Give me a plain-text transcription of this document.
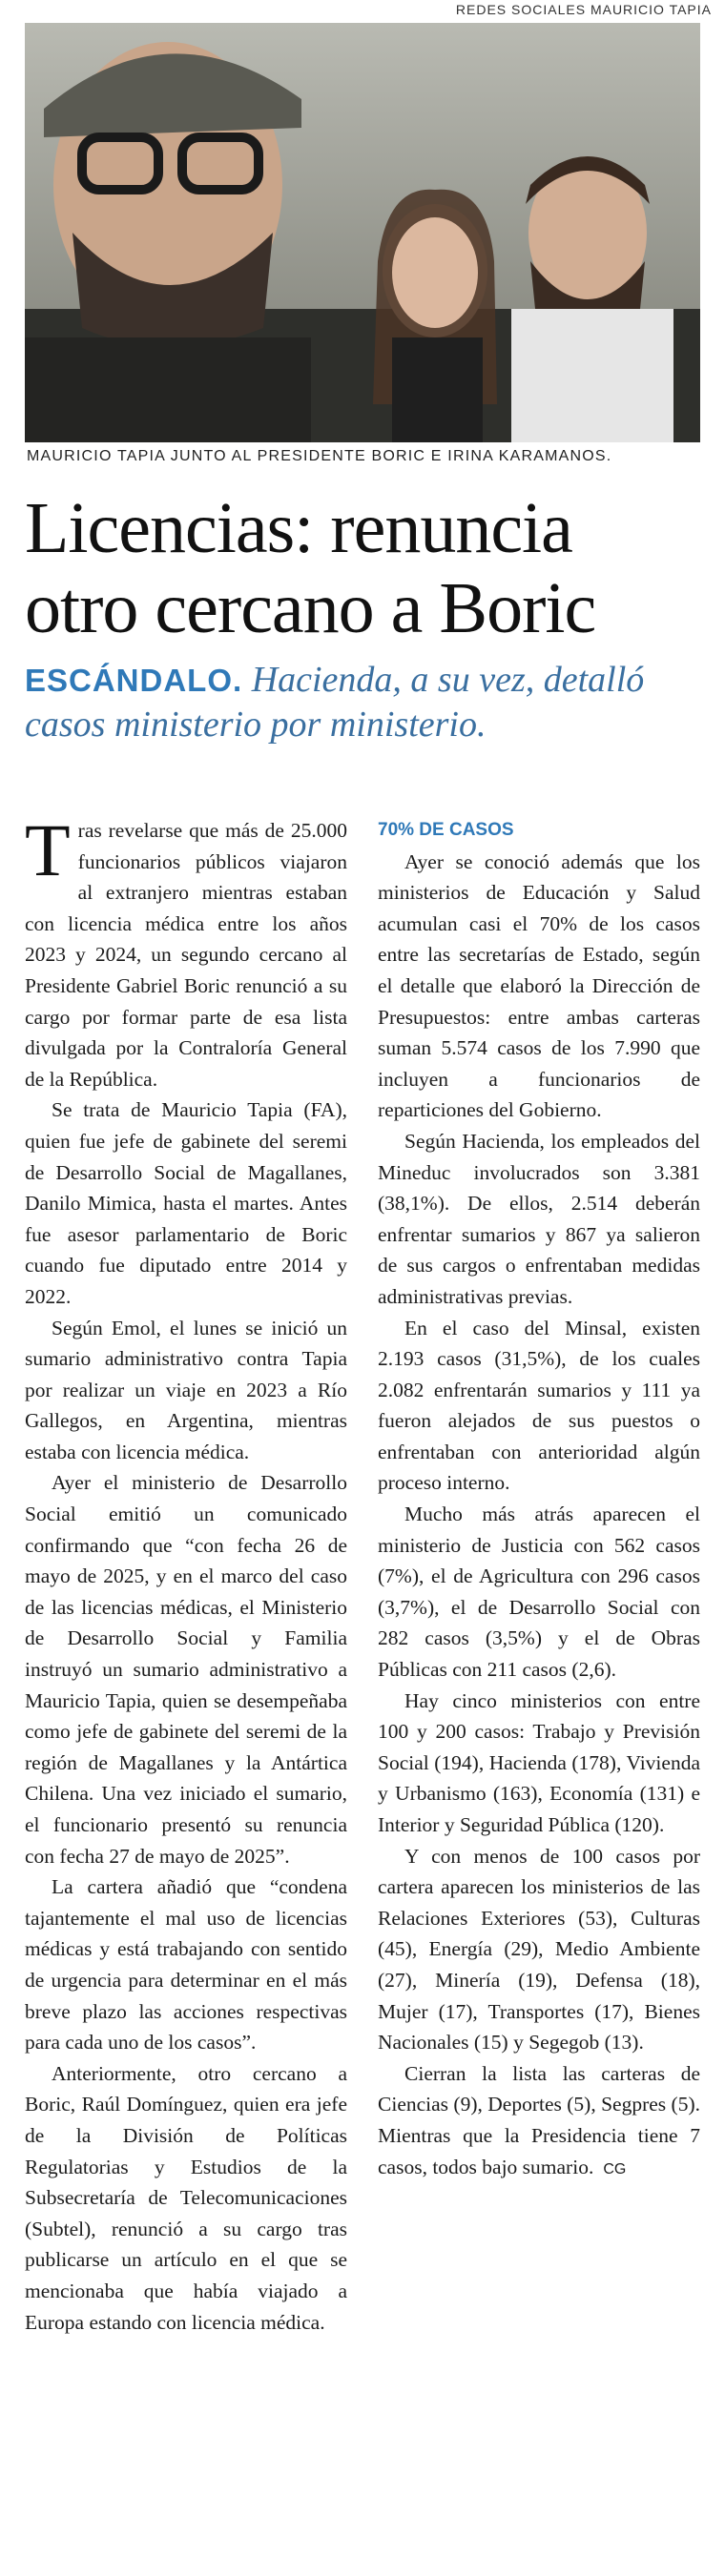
REDES SOCIALES MAURICIO TAPIA
MAURICIO TAPIA JUNTO AL PRESIDENTE BORIC E IRINA KARAMANOS.
Licencias: renuncia
otro cercano a Boric
ESCÁNDALO. Hacienda, a su vez, detalló casos ministerio por ministerio.

Tras revelarse que más de 25.000 funcionarios públicos viajaron al extranjero mientras estaban con licencia médica entre los años 2023 y 2024, un segundo cercano al Presidente Gabriel Boric renunció a su cargo por formar parte de esa lista divulgada por la Contraloría General de la República.

Se trata de Mauricio Tapia (FA), quien fue jefe de gabinete del seremi de Desarrollo Social de Magallanes, Danilo Mimica, hasta el martes. Antes fue asesor parlamentario de Boric cuando fue diputado entre 2014 y 2022.

Según Emol, el lunes se inició un sumario administrativo contra Tapia por realizar un viaje en 2023 a Río Gallegos, en Argentina, mientras estaba con licencia médica.

Ayer el ministerio de Desarrollo Social emitió un comunicado confirmando que “con fecha 26 de mayo de 2025, y en el marco del caso de las licencias médicas, el Ministerio de Desarrollo Social y Familia instruyó un sumario administrativo a Mauricio Tapia, quien se desempeñaba como jefe de gabinete del seremi de la región de Magallanes y la Antártica Chilena. Una vez iniciado el sumario, el funcionario presentó su renuncia con fecha 27 de mayo de 2025”.

La cartera añadió que “condena tajantemente el mal uso de licencias médicas y está trabajando con sentido de urgencia para determinar en el más breve plazo las acciones respectivas para cada uno de los casos”.

Anteriormente, otro cercano a Boric, Raúl Domínguez, quien era jefe de la División de Políticas Regulatorias y Estudios de la Subsecretaría de Telecomunicaciones (Subtel), renunció a su cargo tras publicarse un artículo en el que se mencionaba que había viajado a Europa estando con licencia médica.

70% DE CASOS

Ayer se conoció además que los ministerios de Educación y Salud acumulan casi el 70% de los casos entre las secretarías de Estado, según el detalle que elaboró la Dirección de Presupuestos: entre ambas carteras suman 5.574 casos de los 7.990 que incluyen a funcionarios de reparticiones del Gobierno.

Según Hacienda, los empleados del Mineduc involucrados son 3.381 (38,1%). De ellos, 2.514 deberán enfrentar sumarios y 867 ya salieron de sus cargos o enfrentaban medidas administrativas previas.

En el caso del Minsal, existen 2.193 casos (31,5%), de los cuales 2.082 enfrentarán sumarios y 111 ya fueron alejados de sus puestos o enfrentaban con anterioridad algún proceso interno.

Mucho más atrás aparecen el ministerio de Justicia con 562 casos (7%), el de Agricultura con 296 casos (3,7%), el de Desarrollo Social con 282 casos (3,5%) y el de Obras Públicas con 211 casos (2,6).

Hay cinco ministerios con entre 100 y 200 casos: Trabajo y Previsión Social (194), Hacienda (178), Vivienda y Urbanismo (163), Economía (131) e Interior y Seguridad Pública (120).

Y con menos de 100 casos por cartera aparecen los ministerios de las Relaciones Exteriores (53), Culturas (45), Energía (29), Medio Ambiente (27), Minería (19), Defensa (18), Mujer (17), Transportes (17), Bienes Nacionales (15) y Segegob (13).

Cierran la lista las carteras de Ciencias (9), Deportes (5), Segpres (5). Mientras que la Presidencia tiene 7 casos, todos bajo sumario. CG
